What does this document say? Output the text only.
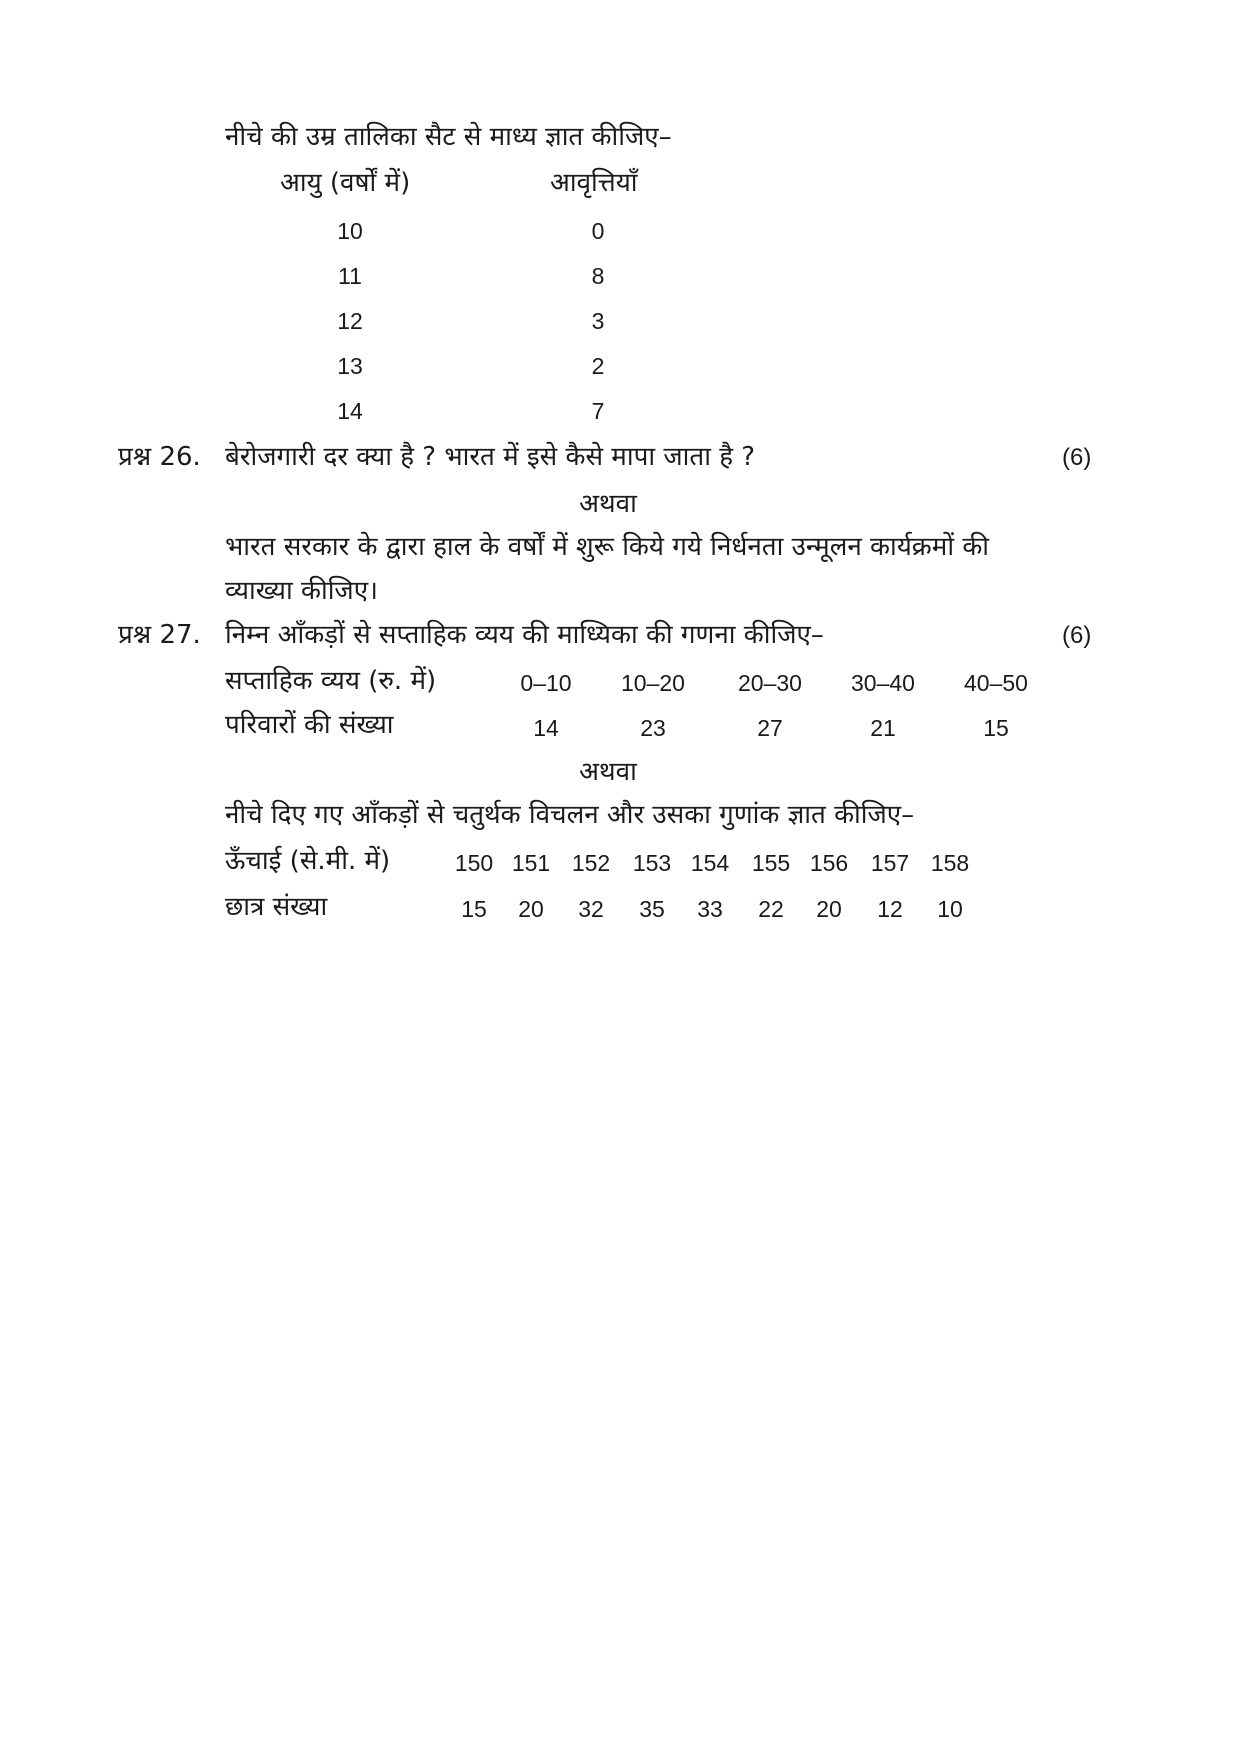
नीचे की उम्र तालिका सैट से माध्य ज्ञात कीजिए–
आयु (वर्षों में)	आवृत्तियाँ
10	0
11	8
12	3
13	2
14	7
प्रश्न 26. बेरोजगारी दर क्या है ? भारत में इसे कैसे मापा जाता है ?	(6)
अथवा
भारत सरकार के द्वारा हाल के वर्षों में शुरू किये गये निर्धनता उन्मूलन कार्यक्रमों की
व्याख्या कीजिए।
प्रश्न 27. निम्न आँकड़ों से सप्ताहिक व्यय की माध्यिका की गणना कीजिए–	(6)
सप्ताहिक व्यय (रु. में)	0–10 10–20 20–30 30–40 40–50
परिवारों की संख्या	14	23	27	21	15
अथवा
नीचे दिए गए आँकड़ों से चतुर्थक विचलन और उसका गुणांक ज्ञात कीजिए–
ऊँचाई (से.मी. में)	150 151 152 153 154 155 156 157 158
छात्र संख्या	15 20 32 35 33 22 20 12 10
